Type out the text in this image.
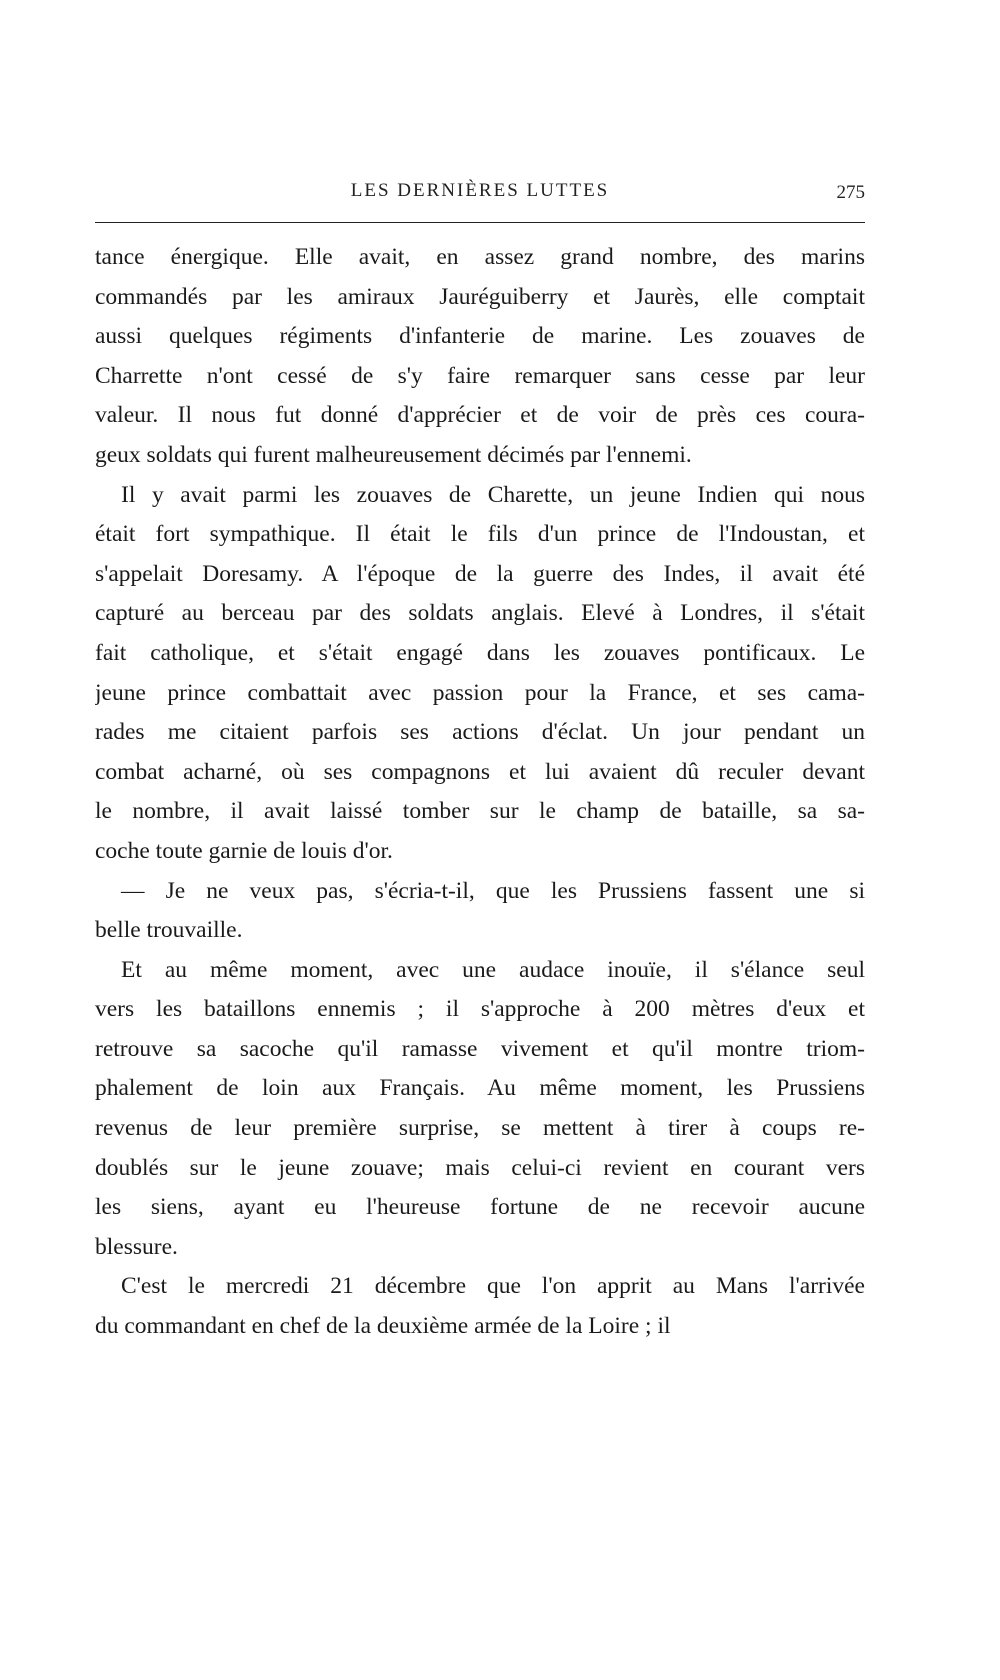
LES DERNIÈRES LUTTES	275
tance énergique. Elle avait, en assez grand nombre, des marins
commandés par les amiraux Jauréguiberry et Jaurès, elle comptait
aussi quelques régiments d'infanterie de marine. Les zouaves de
Charrette n'ont cessé de s'y faire remarquer sans cesse par leur
valeur. Il nous fut donné d'apprécier et de voir de près ces coura-
geux soldats qui furent malheureusement décimés par l'ennemi.
Il y avait parmi les zouaves de Charette, un jeune Indien qui nous
était fort sympathique. Il était le fils d'un prince de l'Indoustan, et
s'appelait Doresamy. A l'époque de la guerre des Indes, il avait été
capturé au berceau par des soldats anglais. Elevé à Londres, il s'était
fait catholique, et s'était engagé dans les zouaves pontificaux. Le
jeune prince combattait avec passion pour la France, et ses cama-
rades me citaient parfois ses actions d'éclat. Un jour pendant un
combat acharné, où ses compagnons et lui avaient dû reculer devant
le nombre, il avait laissé tomber sur le champ de bataille, sa sa-
coche toute garnie de louis d'or.
— Je ne veux pas, s'écria-t-il, que les Prussiens fassent une si
belle trouvaille.
Et au même moment, avec une audace inouïe, il s'élance seul
vers les bataillons ennemis ; il s'approche à 200 mètres d'eux et
retrouve sa sacoche qu'il ramasse vivement et qu'il montre triom-
phalement de loin aux Français. Au même moment, les Prussiens
revenus de leur première surprise, se mettent à tirer à coups re-
doublés sur le jeune zouave; mais celui-ci revient en courant vers
les siens, ayant eu l'heureuse fortune de ne recevoir aucune
blessure.
C'est le mercredi 21 décembre que l'on apprit au Mans l'arrivée
du commandant en chef de la deuxième armée de la Loire ; il
